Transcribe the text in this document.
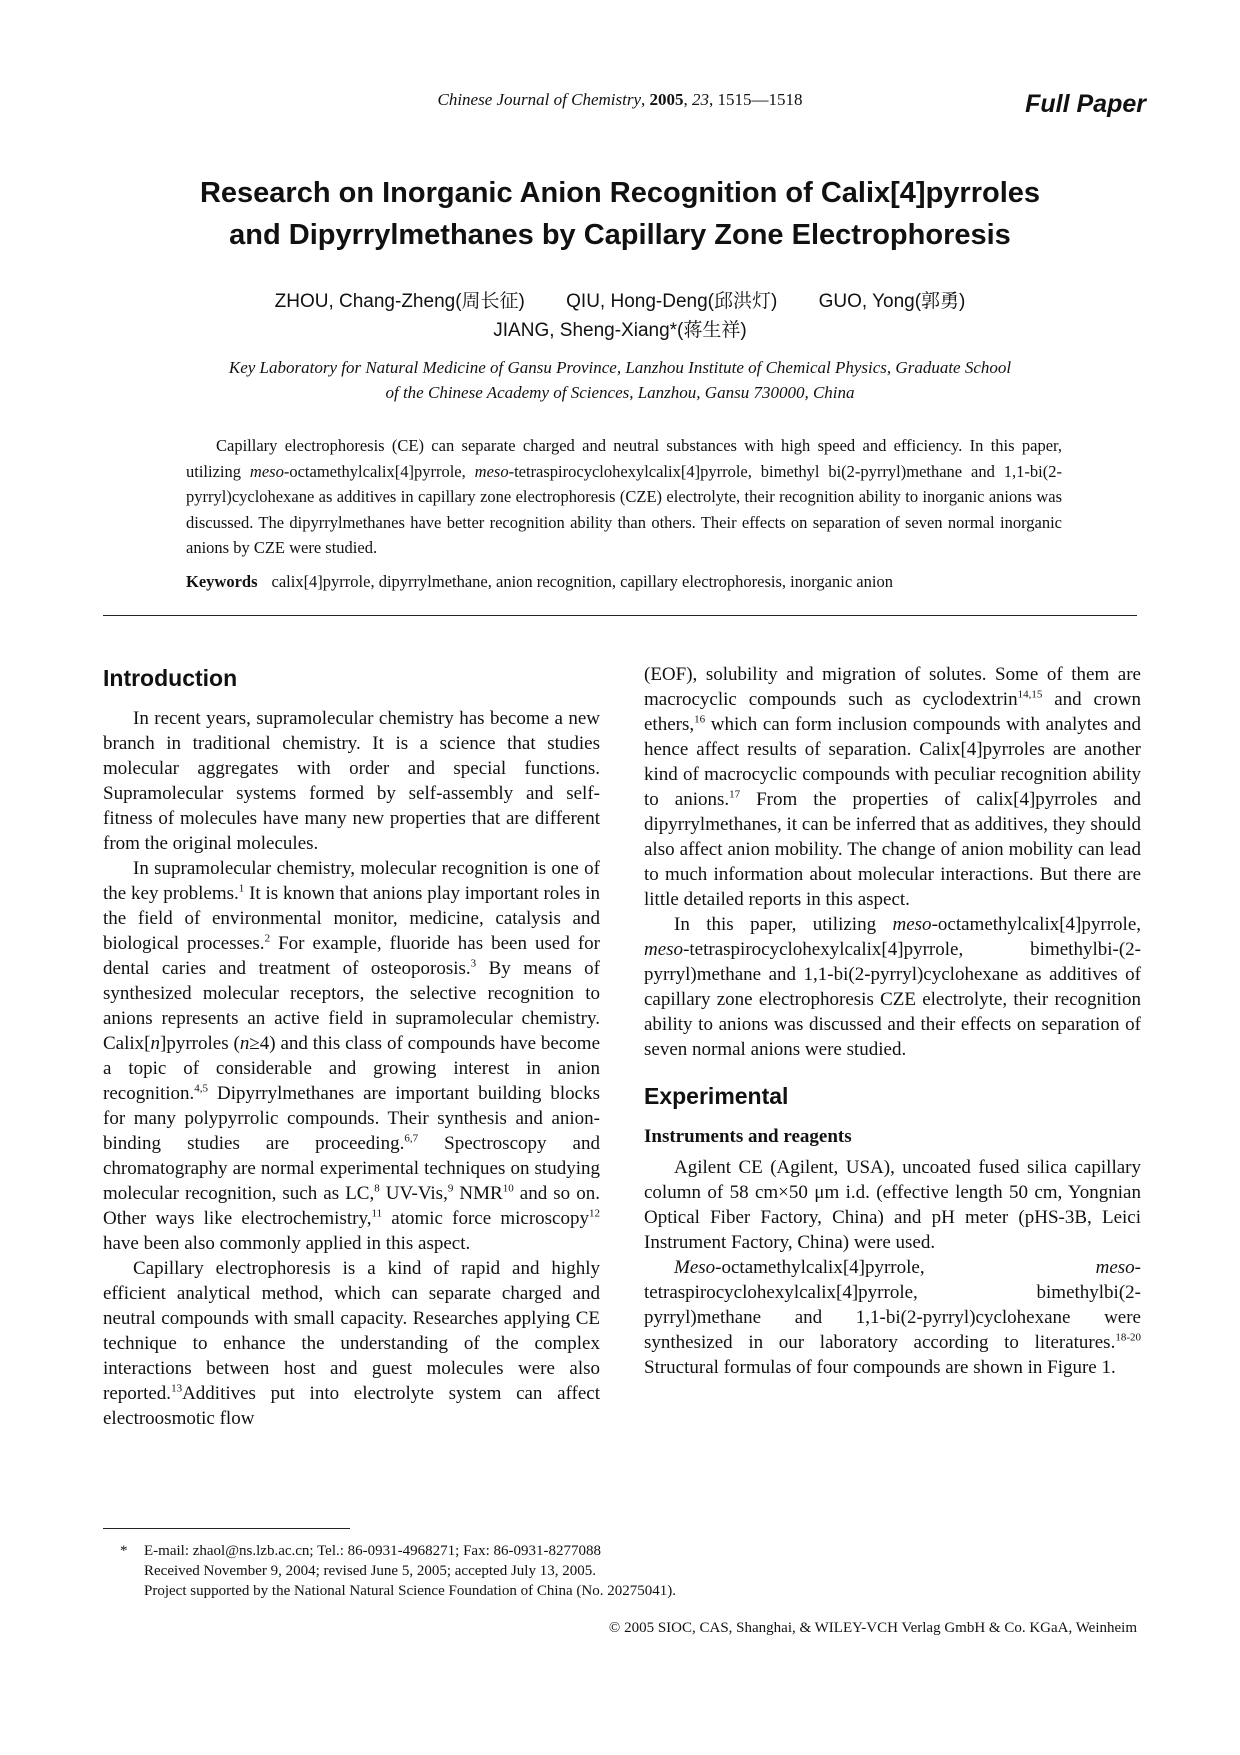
Chinese Journal of Chemistry, 2005, 23, 1515—1518	Full Paper
Research on Inorganic Anion Recognition of Calix[4]pyrroles
and Dipyrrylmethanes by Capillary Zone Electrophoresis
ZHOU, Chang-Zheng(周长征) QIU, Hong-Deng(邱洪灯) GUO, Yong(郭勇)
JIANG, Sheng-Xiang*(蒋生祥)
Key Laboratory for Natural Medicine of Gansu Province, Lanzhou Institute of Chemical Physics, Graduate School
of the Chinese Academy of Sciences, Lanzhou, Gansu 730000, China

Capillary electrophoresis (CE) can separate charged and neutral substances with high speed and efficiency. In this paper, utilizing meso-octamethylcalix[4]pyrrole, meso-tetraspirocyclohexylcalix[4]pyrrole, bimethyl bi(2-pyrryl)methane and 1,1-bi(2-pyrryl)cyclohexane as additives in capillary zone electrophoresis (CZE) electrolyte, their recognition ability to inorganic anions was discussed. The dipyrrylmethanes have better recognition ability than others. Their effects on separation of seven normal inorganic anions by CZE were studied.

Keywords calix[4]pyrrole, dipyrrylmethane, anion recognition, capillary electrophoresis, inorganic anion
Introduction

In recent years, supramolecular chemistry has become a new branch in traditional chemistry. It is a science that studies molecular aggregates with order and special functions. Supramolecular systems formed by self-assembly and self-fitness of molecules have many new properties that are different from the original molecules.

In supramolecular chemistry, molecular recognition is one of the key problems.$^1$ It is known that anions play important roles in the field of environmental monitor, medicine, catalysis and biological processes.$^2$ For example, fluoride has been used for dental caries and treatment of osteoporosis.$^3$ By means of synthesized molecular receptors, the selective recognition to anions represents an active field in supramolecular chemistry. Calix[n]pyrroles (n≥4) and this class of compounds have become a topic of considerable and growing interest in anion recognition.$^{4,5}$ Dipyrrylmethanes are important building blocks for many polypyrrolic compounds. Their synthesis and anion-binding studies are proceeding.$^{6,7}$ Spectroscopy and chromatography are normal experimental techniques on studying molecular recognition, such as LC,$^8$ UV-Vis,$^9$ NMR$^{10}$ and so on. Other ways like electrochemistry,$^{11}$ atomic force microscopy$^{12}$ have been also commonly applied in this aspect.

Capillary electrophoresis is a kind of rapid and highly efficient analytical method, which can separate charged and neutral compounds with small capacity. Researches applying CE technique to enhance the understanding of the complex interactions between host and guest molecules were also reported.$^{13}$Additives put into electrolyte system can affect electroosmotic flow

(EOF), solubility and migration of solutes. Some of them are macrocyclic compounds such as cyclodextrin$^{14,15}$ and crown ethers,$^{16}$ which can form inclusion compounds with analytes and hence affect results of separation. Calix[4]pyrroles are another kind of macrocyclic compounds with peculiar recognition ability to anions.$^{17}$ From the properties of calix[4]pyrroles and dipyrrylmethanes, it can be inferred that as additives, they should also affect anion mobility. The change of anion mobility can lead to much information about molecular interactions. But there are little detailed reports in this aspect.

In this paper, utilizing meso-octamethylcalix[4]pyrrole, meso-tetraspirocyclohexylcalix[4]pyrrole, bimethylbi-(2-pyrryl)methane and 1,1-bi(2-pyrryl)cyclohexane as additives of capillary zone electrophoresis CZE electrolyte, their recognition ability to anions was discussed and their effects on separation of seven normal anions were studied.

Experimental
Instruments and reagents

Agilent CE (Agilent, USA), uncoated fused silica capillary column of 58 cm×50 μm i.d. (effective length 50 cm, Yongnian Optical Fiber Factory, China) and pH meter (pHS-3B, Leici Instrument Factory, China) were used.

Meso-octamethylcalix[4]pyrrole, meso-tetraspirocyclohexylcalix[4]pyrrole, bimethylbi(2-pyrryl)methane and 1,1-bi(2-pyrryl)cyclohexane were synthesized in our laboratory according to literatures.$^{18-20}$ Structural formulas of four compounds are shown in Figure 1.

* E-mail: zhaol@ns.lzb.ac.cn; Tel.: 86-0931-4968271; Fax: 86-0931-8277088

Received November 9, 2004; revised June 5, 2005; accepted July 13, 2005.

Project supported by the National Natural Science Foundation of China (No. 20275041).

© 2005 SIOC, CAS, Shanghai, & WILEY-VCH Verlag GmbH & Co. KGaA, Weinheim
